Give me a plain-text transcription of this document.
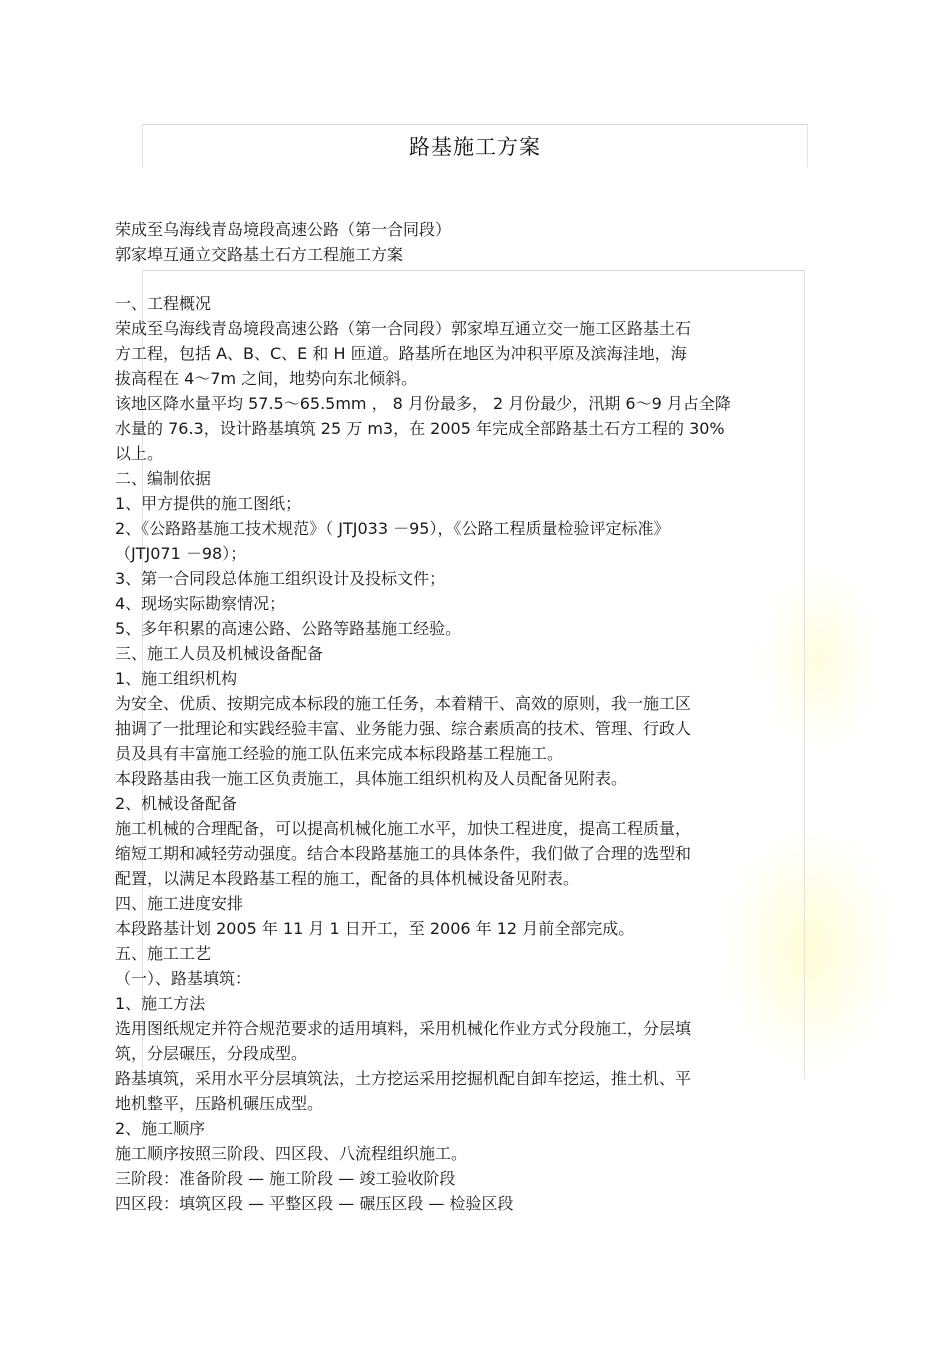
路基施工方案
荣成至乌海线青岛境段高速公路（第一合同段）
郭家埠互通立交路基土石方工程施工方案
一、工程概况
荣成至乌海线青岛境段高速公路（第一合同段）郭家埠互通立交一施工区路基土石
方工程，包括 A、B、C、E 和 H 匝道。路基所在地区为冲积平原及滨海洼地，海
拔高程在 4～7m 之间，地势向东北倾斜。
该地区降水量平均 57.5～65.5mm ， 8 月份最多， 2 月份最少，汛期 6～9 月占全降
水量的 76.3，设计路基填筑 25 万 m3，在 2005 年完成全部路基土石方工程的 30%
以上。
二、编制依据
1、甲方提供的施工图纸；
2、《公路路基施工技术规范》（ JTJ033 －95），《公路工程质量检验评定标准》
（JTJ071 －98）；
3、第一合同段总体施工组织设计及投标文件；
4、现场实际勘察情况；
5、多年积累的高速公路、公路等路基施工经验。
三、施工人员及机械设备配备
1、施工组织机构
为安全、优质、按期完成本标段的施工任务，本着精干、高效的原则，我一施工区
抽调了一批理论和实践经验丰富、业务能力强、综合素质高的技术、管理、行政人
员及具有丰富施工经验的施工队伍来完成本标段路基工程施工。
本段路基由我一施工区负责施工，具体施工组织机构及人员配备见附表。
2、机械设备配备
施工机械的合理配备，可以提高机械化施工水平，加快工程进度，提高工程质量，
缩短工期和减轻劳动强度。结合本段路基施工的具体条件，我们做了合理的选型和
配置，以满足本段路基工程的施工，配备的具体机械设备见附表。
四、施工进度安排
本段路基计划 2005 年 11 月 1 日开工，至 2006 年 12 月前全部完成。
五、施工工艺
（一）、路基填筑：
1、施工方法
选用图纸规定并符合规范要求的适用填料，采用机械化作业方式分段施工，分层填
筑，分层碾压，分段成型。
路基填筑，采用水平分层填筑法，土方挖运采用挖掘机配自卸车挖运，推土机、平
地机整平，压路机碾压成型。
2、施工顺序
施工顺序按照三阶段、四区段、八流程组织施工。
三阶段：准备阶段 — 施工阶段 — 竣工验收阶段
四区段：填筑区段 — 平整区段 — 碾压区段 — 检验区段
